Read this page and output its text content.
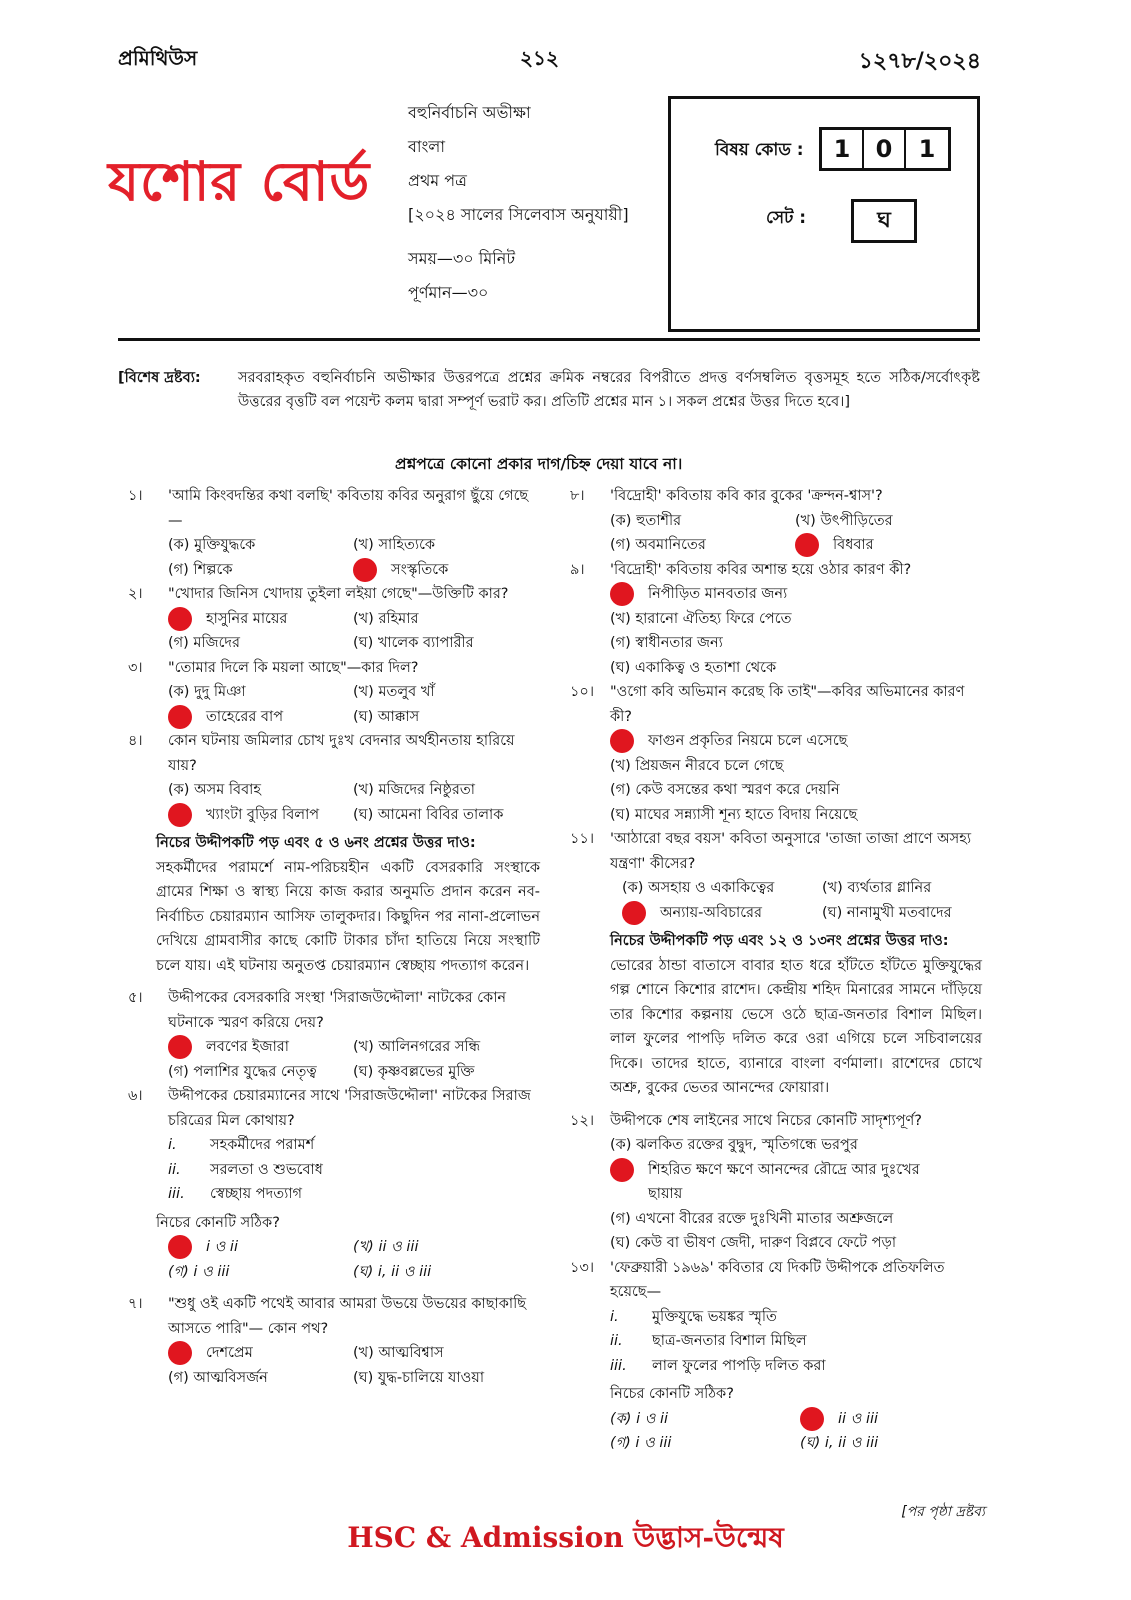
প্রমিথিউস	২১২	১২৭৮/২০২৪
যশোর বোর্ড
বহুনির্বাচনি অভীক্ষা
বাংলা
প্রথম পত্র
[২০২৪ সালের সিলেবাস অনুযায়ী]
সময়—৩০ মিনিট
পূর্ণমান—৩০
বিষয় কোড :	1	0	1
সেট :	ঘ
[বিশেষ দ্রষ্টব্য:	সরবরাহকৃত বহুনির্বাচনি অভীক্ষার উত্তরপত্রে প্রশ্নের ক্রমিক নম্বরের বিপরীতে প্রদত্ত বর্ণসম্বলিত বৃত্তসমূহ হতে সঠিক/সর্বোৎকৃষ্ট উত্তরের বৃত্তটি বল পয়েন্ট কলম দ্বারা সম্পূর্ণ ভরাট কর। প্রতিটি প্রশ্নের মান ১। সকল প্রশ্নের উত্তর দিতে হবে।]
প্রশ্নপত্রে কোনো প্রকার দাগ/চিহ্ন দেয়া যাবে না।
১।	'আমি কিংবদন্তির কথা বলছি' কবিতায় কবির অনুরাগ ছুঁয়ে গেছে—
(ক) মুক্তিযুদ্ধকে	(খ) সাহিত্যকে
(গ) শিল্পকে	সংস্কৃতিকে
২।	"খোদার জিনিস খোদায় তুইলা লইয়া গেছে"—উক্তিটি কার?
হাসুনির মায়ের	(খ) রহিমার
(গ) মজিদের	(ঘ) খালেক ব্যাপারীর
৩।	"তোমার দিলে কি ময়লা আছে"—কার দিল?
(ক) দুদু মিঞা	(খ) মতলুব খাঁ
তাহেরের বাপ	(ঘ) আক্কাস
৪।	কোন ঘটনায় জমিলার চোখ দুঃখ বেদনার অর্থহীনতায় হারিয়ে যায়?
(ক) অসম বিবাহ	(খ) মজিদের নিষ্ঠুরতা
খ্যাংটা বুড়ির বিলাপ (ঘ) আমেনা বিবির তালাক
নিচের উদ্দীপকটি পড় এবং ৫ ও ৬নং প্রশ্নের উত্তর দাও:
সহকর্মীদের পরামর্শে নাম-পরিচয়হীন একটি বেসরকারি সংস্থাকে গ্রামের শিক্ষা ও স্বাস্থ্য নিয়ে কাজ করার অনুমতি প্রদান করেন নব-নির্বাচিত চেয়ারম্যান আসিফ তালুকদার। কিছুদিন পর নানা-প্রলোভন দেখিয়ে গ্রামবাসীর কাছে কোটি টাকার চাঁদা হাতিয়ে নিয়ে সংস্থাটি চলে যায়। এই ঘটনায় অনুতপ্ত চেয়ারম্যান স্বেচ্ছায় পদত্যাগ করেন।
৫।	উদ্দীপকের বেসরকারি সংস্থা 'সিরাজউদ্দৌলা' নাটকের কোন ঘটনাকে স্মরণ করিয়ে দেয়?
লবণের ইজারা	(খ) আলিনগরের সন্ধি
(গ) পলাশির যুদ্ধের নেতৃত্ব	(ঘ) কৃষ্ণবল্লভের মুক্তি
৬।	উদ্দীপকের চেয়ারম্যানের সাথে 'সিরাজউদ্দৌলা' নাটকের সিরাজ চরিত্রের মিল কোথায়?
i.	সহকর্মীদের পরামর্শ
ii.	সরলতা ও শুভবোধ
iii.	স্বেচ্ছায় পদত্যাগ
নিচের কোনটি সঠিক?
i ও ii	(খ) ii ও iii
(গ) i ও iii	(ঘ) i, ii ও iii
৭।	"শুধু ওই একটি পথেই আবার আমরা উভয়ে উভয়ের কাছাকাছি আসতে পারি"— কোন পথ?
দেশপ্রেম	(খ) আত্মবিশ্বাস
(গ) আত্মবিসর্জন	(ঘ) যুদ্ধ-চালিয়ে যাওয়া
৮।	'বিদ্রোহী' কবিতায় কবি কার বুকের 'ক্রন্দন-শ্বাস'?
(ক) হুতাশীর	(খ) উৎপীড়িতের
(গ) অবমানিতের	বিধবার
৯।	'বিদ্রোহী' কবিতায় কবির অশান্ত হয়ে ওঠার কারণ কী?
নিপীড়িত মানবতার জন্য
(খ) হারানো ঐতিহ্য ফিরে পেতে
(গ) স্বাধীনতার জন্য
(ঘ) একাকিত্ব ও হতাশা থেকে
১০।	"ওগো কবি অভিমান করেছ কি তাই"—কবির অভিমানের কারণ কী?
ফাগুন প্রকৃতির নিয়মে চলে এসেছে
(খ) প্রিয়জন নীরবে চলে গেছে
(গ) কেউ বসন্তের কথা স্মরণ করে দেয়নি
(ঘ) মাঘের সন্ন্যাসী শূন্য হাতে বিদায় নিয়েছে
১১।	'আঠারো বছর বয়স' কবিতা অনুসারে 'তাজা তাজা প্রাণে অসহ্য যন্ত্রণা' কীসের?
(ক) অসহায় ও একাকিত্বের	(খ) ব্যর্থতার গ্লানির
অন্যায়-অবিচারের	(ঘ) নানামুখী মতবাদের
নিচের উদ্দীপকটি পড় এবং ১২ ও ১৩নং প্রশ্নের উত্তর দাও:
ভোরের ঠান্ডা বাতাসে বাবার হাত ধরে হাঁটতে হাঁটতে মুক্তিযুদ্ধের গল্প শোনে কিশোর রাশেদ। কেন্দ্রীয় শহিদ মিনারের সামনে দাঁড়িয়ে তার কিশোর কল্পনায় ভেসে ওঠে ছাত্র-জনতার বিশাল মিছিল। লাল ফুলের পাপড়ি দলিত করে ওরা এগিয়ে চলে সচিবালয়ের দিকে। তাদের হাতে, ব্যানারে বাংলা বর্ণমালা। রাশেদের চোখে অশ্রু, বুকের ভেতর আনন্দের ফোয়ারা।
১২।	উদ্দীপকে শেষ লাইনের সাথে নিচের কোনটি সাদৃশ্যপূর্ণ?
(ক) ঝলকিত রক্তের বুদ্বুদ, স্মৃতিগন্ধে ভরপুর
শিহরিত ক্ষণে ক্ষণে আনন্দের রৌদ্রে আর দুঃখের
ছায়ায়
(গ) এখনো বীরের রক্তে দুঃখিনী মাতার অশ্রুজলে
(ঘ) কেউ বা ভীষণ জেদী, দারুণ বিপ্লবে ফেটে পড়া
১৩।	'ফেব্রুয়ারী ১৯৬৯' কবিতার যে দিকটি উদ্দীপকে প্রতিফলিত হয়েছে—
i.	মুক্তিযুদ্ধে ভয়ঙ্কর স্মৃতি
ii.	ছাত্র-জনতার বিশাল মিছিল
iii.	লাল ফুলের পাপড়ি দলিত করা
নিচের কোনটি সঠিক?
(ক) i ও ii	ii ও iii
(গ) i ও iii	(ঘ) i, ii ও iii
[পর পৃষ্ঠা দ্রষ্টব্য
HSC & Admission উদ্ভাস-উন্মেষ
